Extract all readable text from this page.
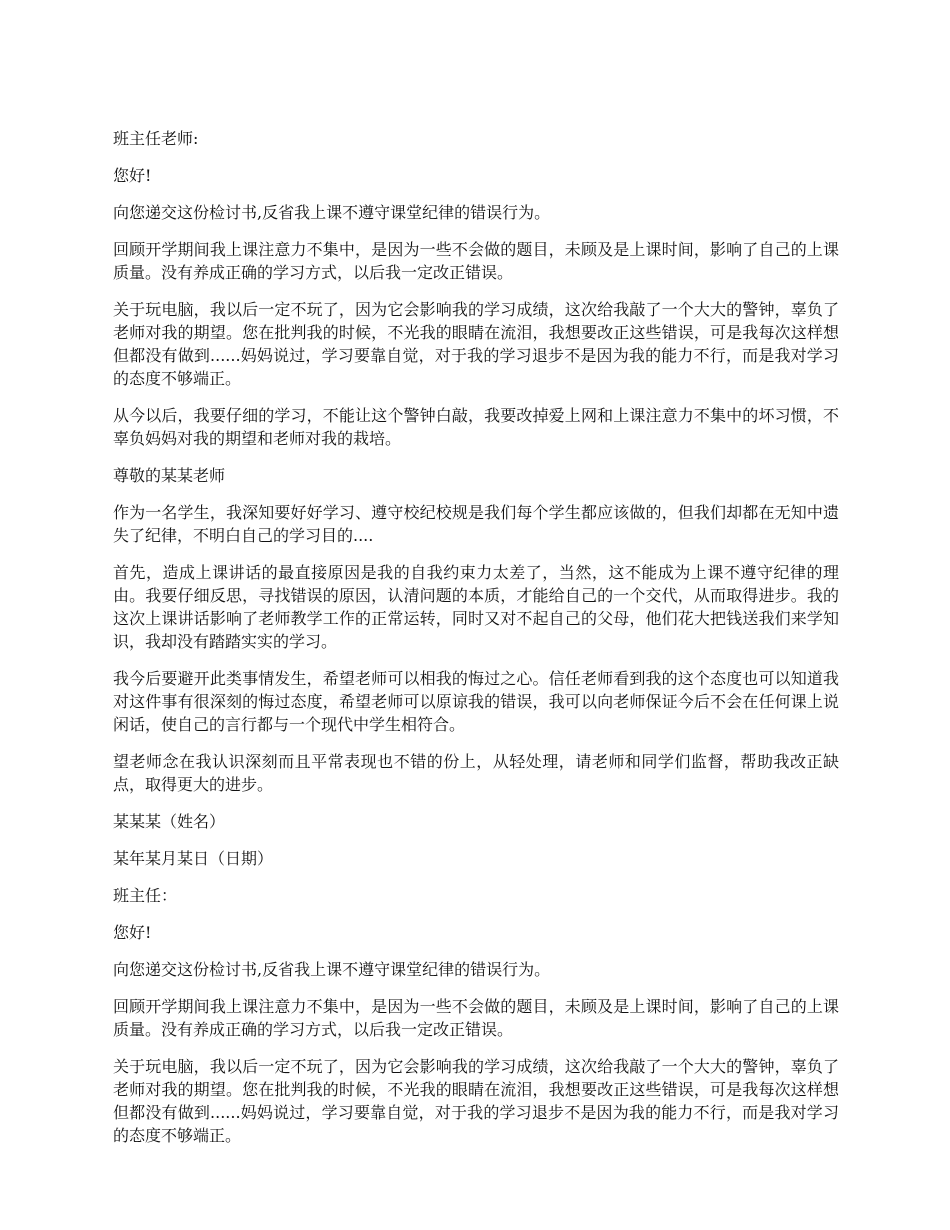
班主任老师:

您好!

向您递交这份检讨书,反省我上课不遵守课堂纪律的错误行为。

回顾开学期间我上课注意力不集中，是因为一些不会做的题目，未顾及是上课时间，影响了自己的上课质量。没有养成正确的学习方式，以后我一定改正错误。

关于玩电脑，我以后一定不玩了，因为它会影响我的学习成绩，这次给我敲了一个大大的警钟，辜负了老师对我的期望。您在批判我的时候，不光我的眼睛在流泪，我想要改正这些错误，可是我每次这样想但都没有做到......妈妈说过，学习要靠自觉，对于我的学习退步不是因为我的能力不行，而是我对学习的态度不够端正。

从今以后，我要仔细的学习，不能让这个警钟白敲，我要改掉爱上网和上课注意力不集中的坏习惯，不辜负妈妈对我的期望和老师对我的栽培。

尊敬的某某老师

作为一名学生，我深知要好好学习、遵守校纪校规是我们每个学生都应该做的，但我们却都在无知中遗失了纪律，不明白自己的学习目的....

首先，造成上课讲话的最直接原因是我的自我约束力太差了，当然，这不能成为上课不遵守纪律的理由。我要仔细反思，寻找错误的原因，认清问题的本质，才能给自己的一个交代，从而取得进步。我的这次上课讲话影响了老师教学工作的正常运转，同时又对不起自己的父母，他们花大把钱送我们来学知识，我却没有踏踏实实的学习。

我今后要避开此类事情发生，希望老师可以相我的悔过之心。信任老师看到我的这个态度也可以知道我对这件事有很深刻的悔过态度，希望老师可以原谅我的错误，我可以向老师保证今后不会在任何课上说闲话，使自己的言行都与一个现代中学生相符合。

望老师念在我认识深刻而且平常表现也不错的份上，从轻处理，请老师和同学们监督，帮助我改正缺点，取得更大的进步。

某某某（姓名）

某年某月某日（日期）

班主任：

您好!

向您递交这份检讨书,反省我上课不遵守课堂纪律的错误行为。

回顾开学期间我上课注意力不集中，是因为一些不会做的题目，未顾及是上课时间，影响了自己的上课质量。没有养成正确的学习方式，以后我一定改正错误。

关于玩电脑，我以后一定不玩了，因为它会影响我的学习成绩，这次给我敲了一个大大的警钟，辜负了老师对我的期望。您在批判我的时候，不光我的眼睛在流泪，我想要改正这些错误，可是我每次这样想但都没有做到......妈妈说过，学习要靠自觉，对于我的学习退步不是因为我的能力不行，而是我对学习的态度不够端正。
